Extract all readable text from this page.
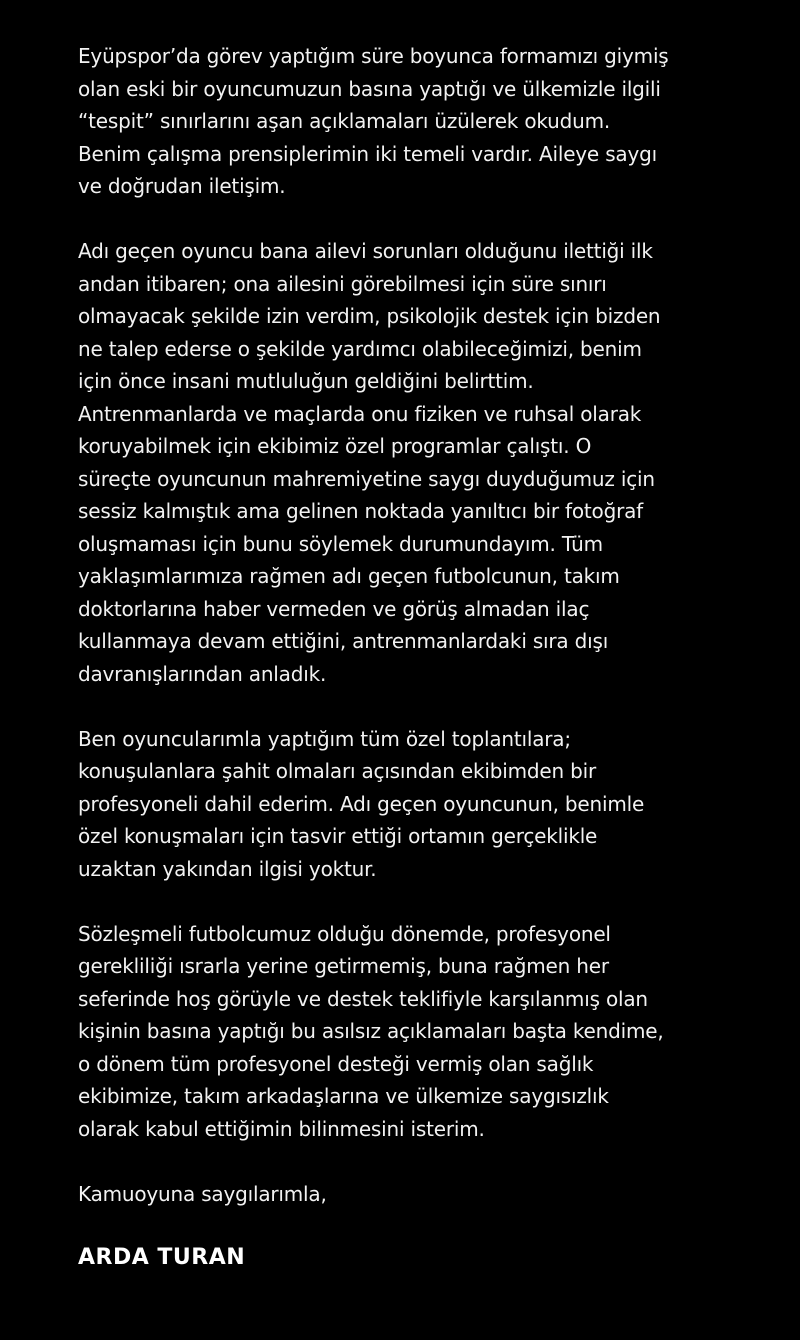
Eyüpspor’da görev yaptığım süre boyunca formamızı giymiş
olan eski bir oyuncumuzun basına yaptığı ve ülkemizle ilgili
“tespit” sınırlarını aşan açıklamaları üzülerek okudum.
Benim çalışma prensiplerimin iki temeli vardır. Aileye saygı
ve doğrudan iletişim.
Adı geçen oyuncu bana ailevi sorunları olduğunu ilettiği ilk
andan itibaren; ona ailesini görebilmesi için süre sınırı
olmayacak şekilde izin verdim, psikolojik destek için bizden
ne talep ederse o şekilde yardımcı olabileceğimizi, benim
için önce insani mutluluğun geldiğini belirttim.
Antrenmanlarda ve maçlarda onu fiziken ve ruhsal olarak
koruyabilmek için ekibimiz özel programlar çalıştı. O
süreçte oyuncunun mahremiyetine saygı duyduğumuz için
sessiz kalmıştık ama gelinen noktada yanıltıcı bir fotoğraf
oluşmaması için bunu söylemek durumundayım. Tüm
yaklaşımlarımıza rağmen adı geçen futbolcunun, takım
doktorlarına haber vermeden ve görüş almadan ilaç
kullanmaya devam ettiğini, antrenmanlardaki sıra dışı
davranışlarından anladık.
Ben oyuncularımla yaptığım tüm özel toplantılara;
konuşulanlara şahit olmaları açısından ekibimden bir
profesyoneli dahil ederim. Adı geçen oyuncunun, benimle
özel konuşmaları için tasvir ettiği ortamın gerçeklikle
uzaktan yakından ilgisi yoktur.
Sözleşmeli futbolcumuz olduğu dönemde, profesyonel
gerekliliği ısrarla yerine getirmemiş, buna rağmen her
seferinde hoş görüyle ve destek teklifiyle karşılanmış olan
kişinin basına yaptığı bu asılsız açıklamaları başta kendime,
o dönem tüm profesyonel desteği vermiş olan sağlık
ekibimize, takım arkadaşlarına ve ülkemize saygısızlık
olarak kabul ettiğimin bilinmesini isterim.

Kamuoyuna saygılarımla,

ARDA TURAN
